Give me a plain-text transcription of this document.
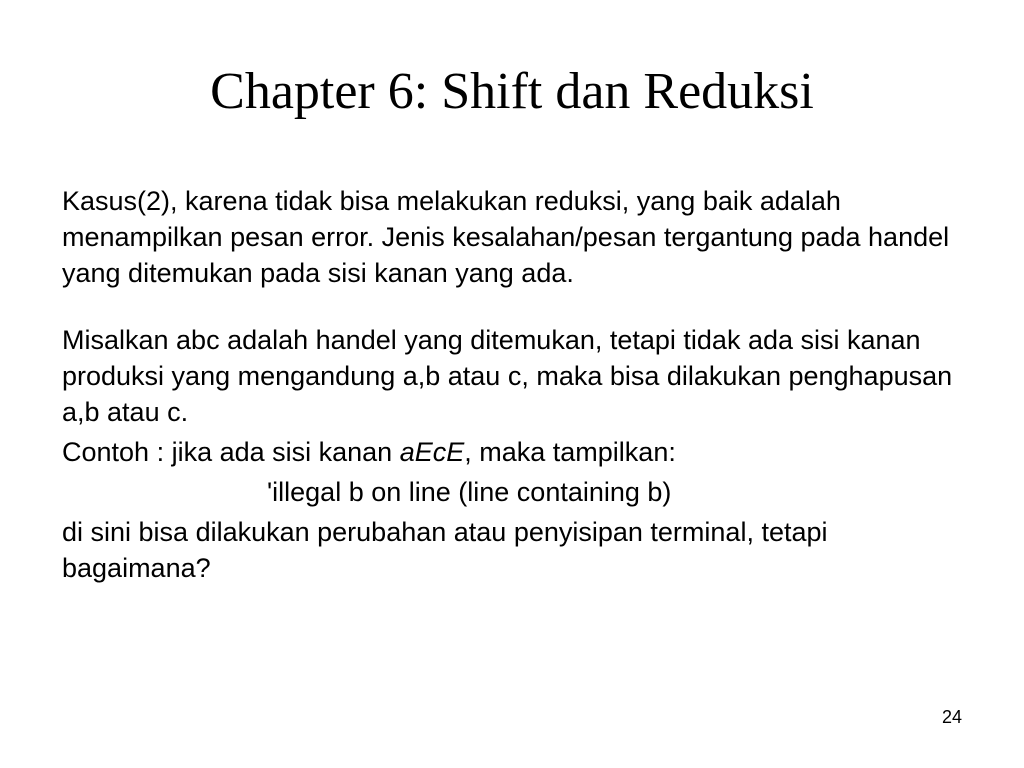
Chapter 6: Shift dan Reduksi

Kasus(2), karena tidak bisa melakukan reduksi, yang baik adalah menampilkan pesan error. Jenis kesalahan/pesan tergantung pada handel yang ditemukan pada sisi kanan yang ada.

Misalkan abc adalah handel yang ditemukan, tetapi tidak ada sisi kanan produksi yang mengandung a,b atau c, maka bisa dilakukan penghapusan a,b atau c.

Contoh : jika ada sisi kanan aEcE, maka tampilkan:

'illegal b on line (line containing b)

di sini bisa dilakukan perubahan atau penyisipan terminal, tetapi bagaimana?

24
